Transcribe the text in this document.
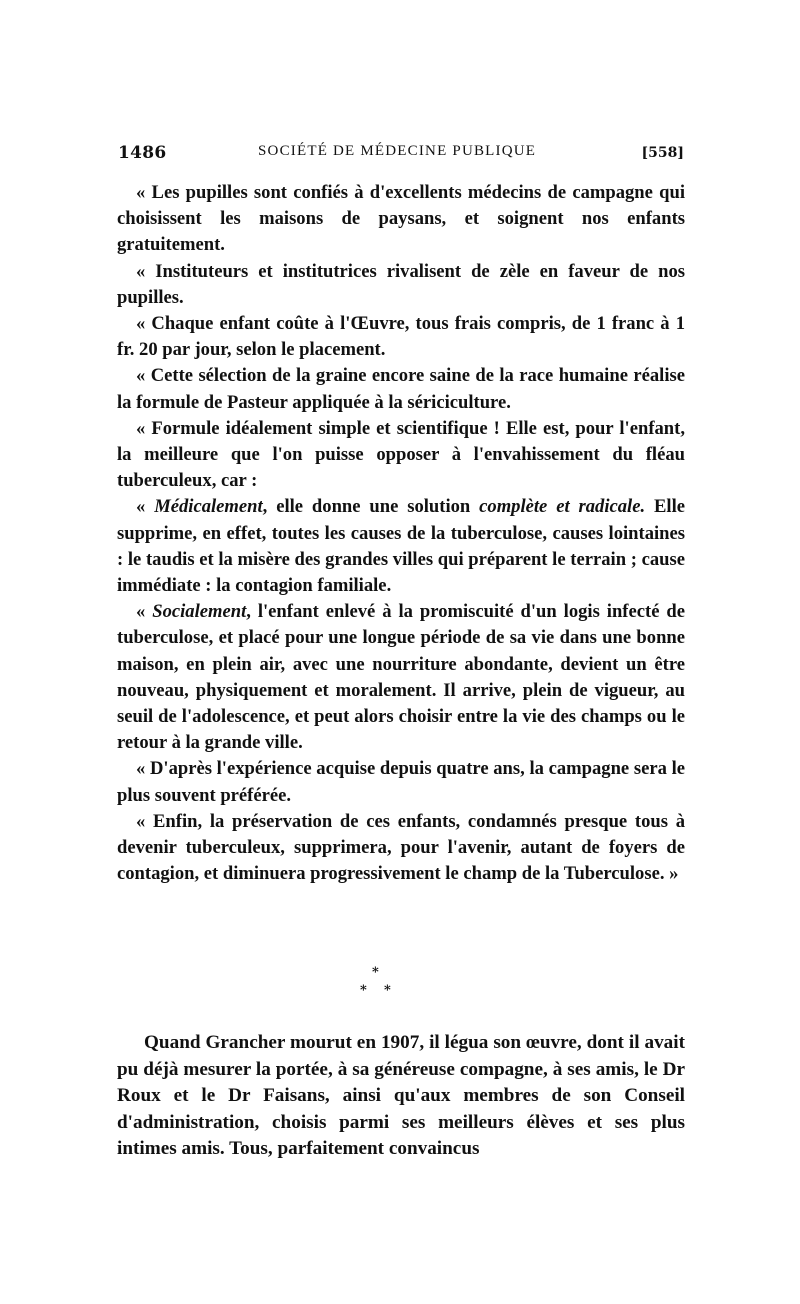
1486	SOCIÉTÉ DE MÉDECINE PUBLIQUE	[558]

« Les pupilles sont confiés à d'excellents médecins de campagne qui choisissent les maisons de paysans, et soignent nos enfants gratuitement.

« Instituteurs et institutrices rivalisent de zèle en faveur de nos pupilles.

« Chaque enfant coûte à l'Œuvre, tous frais compris, de 1 franc à 1 fr. 20 par jour, selon le placement.

« Cette sélection de la graine encore saine de la race humaine réalise la formule de Pasteur appliquée à la sériciculture.

« Formule idéalement simple et scientifique ! Elle est, pour l'enfant, la meilleure que l'on puisse opposer à l'envahissement du fléau tuberculeux, car :

« Médicalement, elle donne une solution complète et radicale. Elle supprime, en effet, toutes les causes de la tuberculose, causes lointaines : le taudis et la misère des grandes villes qui préparent le terrain ; cause immédiate : la contagion familiale.

« Socialement, l'enfant enlevé à la promiscuité d'un logis infecté de tuberculose, et placé pour une longue période de sa vie dans une bonne maison, en plein air, avec une nourriture abondante, devient un être nouveau, physiquement et moralement. Il arrive, plein de vigueur, au seuil de l'adolescence, et peut alors choisir entre la vie des champs ou le retour à la grande ville.

« D'après l'expérience acquise depuis quatre ans, la campagne sera le plus souvent préférée.

« Enfin, la préservation de ces enfants, condamnés presque tous à devenir tuberculeux, supprimera, pour l'avenir, autant de foyers de contagion, et diminuera progressivement le champ de la Tuberculose. »

*
* *

Quand Grancher mourut en 1907, il légua son œuvre, dont il avait pu déjà mesurer la portée, à sa généreuse compagne, à ses amis, le Dr Roux et le Dr Faisans, ainsi qu'aux membres de son Conseil d'administration, choisis parmi ses meilleurs élèves et ses plus intimes amis. Tous, parfaitement convaincus
